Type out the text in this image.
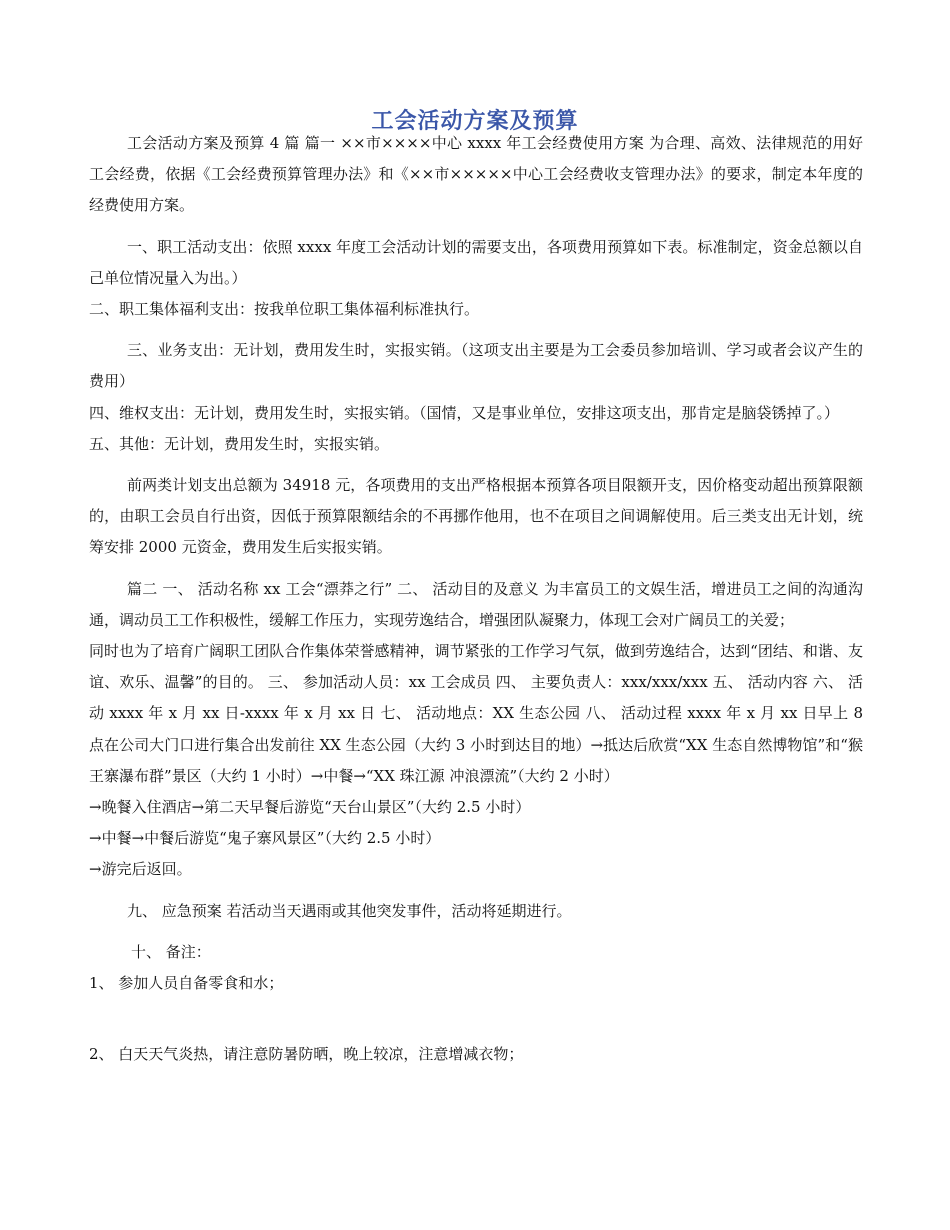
工会活动方案及预算

工会活动方案及预算 4 篇 篇一 ××市××××中心 xxxx 年工会经费使用方案 为合理、高效、法律规范的用好工会经费，依据《工会经费预算管理办法》和《××市×××××中心工会经费收支管理办法》的要求，制定本年度的经费使用方案。

一、职工活动支出：依照 xxxx 年度工会活动计划的需要支出，各项费用预算如下表。标准制定，资金总额以自己单位情况量入为出。）

二、职工集体福利支出：按我单位职工集体福利标准执行。

三、业务支出：无计划，费用发生时，实报实销。（这项支出主要是为工会委员参加培训、学习或者会议产生的费用）

四、维权支出：无计划，费用发生时，实报实销。（国情，又是事业单位，安排这项支出，那肯定是脑袋锈掉了。）

五、其他：无计划，费用发生时，实报实销。

前两类计划支出总额为 34918 元，各项费用的支出严格根据本预算各项目限额开支，因价格变动超出预算限额的，由职工会员自行出资，因低于预算限额结余的不再挪作他用，也不在项目之间调解使用。后三类支出无计划，统筹安排 2000 元资金，费用发生后实报实销。

篇二 一、 活动名称 xx 工会“漂莽之行” 二、 活动目的及意义 为丰富员工的文娱生活，增进员工之间的沟通沟通，调动员工工作积极性，缓解工作压力，实现劳逸结合，增强团队凝聚力，体现工会对广阔员工的关爱；

同时也为了培育广阔职工团队合作集体荣誉感精神，调节紧张的工作学习气氛，做到劳逸结合，达到“团结、和谐、友谊、欢乐、温馨”的目的。 三、 参加活动人员：xx 工会成员 四、 主要负责人：xxx/xxx/xxx 五、 活动内容 六、 活动 xxxx 年 x 月 xx 日-xxxx 年 x 月 xx 日 七、 活动地点：XX 生态公园 八、 活动过程 xxxx 年 x 月 xx 日早上 8 点在公司大门口进行集合出发前往 XX 生态公园（大约 3 小时到达目的地）→抵达后欣赏“XX 生态自然博物馆”和“猴王寨瀑布群”景区（大约 1 小时）→中餐→“XX 珠江源 冲浪漂流”（大约 2 小时）

→晚餐入住酒店→第二天早餐后游览“天台山景区”（大约 2.5 小时）

→中餐→中餐后游览“鬼子寨风景区”（大约 2.5 小时）

→游完后返回。

九、 应急预案 若活动当天遇雨或其他突发事件，活动将延期进行。

十、 备注：

1、 参加人员自备零食和水；

2、 白天天气炎热，请注意防暑防晒，晚上较凉，注意增减衣物；
